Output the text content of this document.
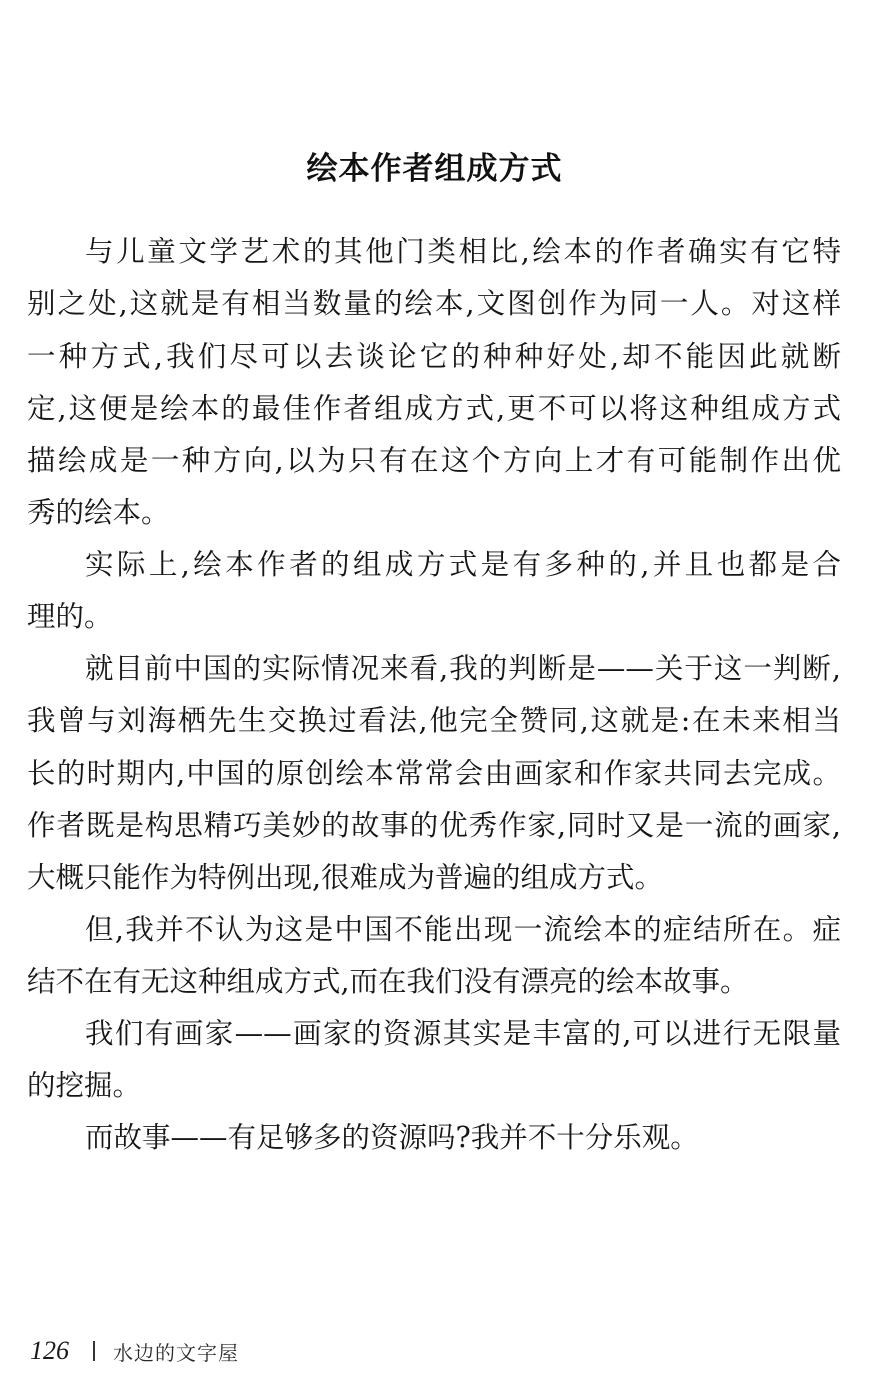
绘本作者组成方式
与儿童文学艺术的其他门类相比,绘本的作者确实有它特
别之处,这就是有相当数量的绘本,文图创作为同一人。对这样
一种方式,我们尽可以去谈论它的种种好处,却不能因此就断
定,这便是绘本的最佳作者组成方式,更不可以将这种组成方式
描绘成是一种方向,以为只有在这个方向上才有可能制作出优
秀的绘本。
实际上,绘本作者的组成方式是有多种的,并且也都是合
理的。
就目前中国的实际情况来看,我的判断是——关于这一判断,
我曾与刘海栖先生交换过看法,他完全赞同,这就是:在未来相当
长的时期内,中国的原创绘本常常会由画家和作家共同去完成。
作者既是构思精巧美妙的故事的优秀作家,同时又是一流的画家,
大概只能作为特例出现,很难成为普遍的组成方式。
但,我并不认为这是中国不能出现一流绘本的症结所在。症
结不在有无这种组成方式,而在我们没有漂亮的绘本故事。
我们有画家——画家的资源其实是丰富的,可以进行无限量
的挖掘。
而故事——有足够多的资源吗?我并不十分乐观。
126 水边的文字屋
